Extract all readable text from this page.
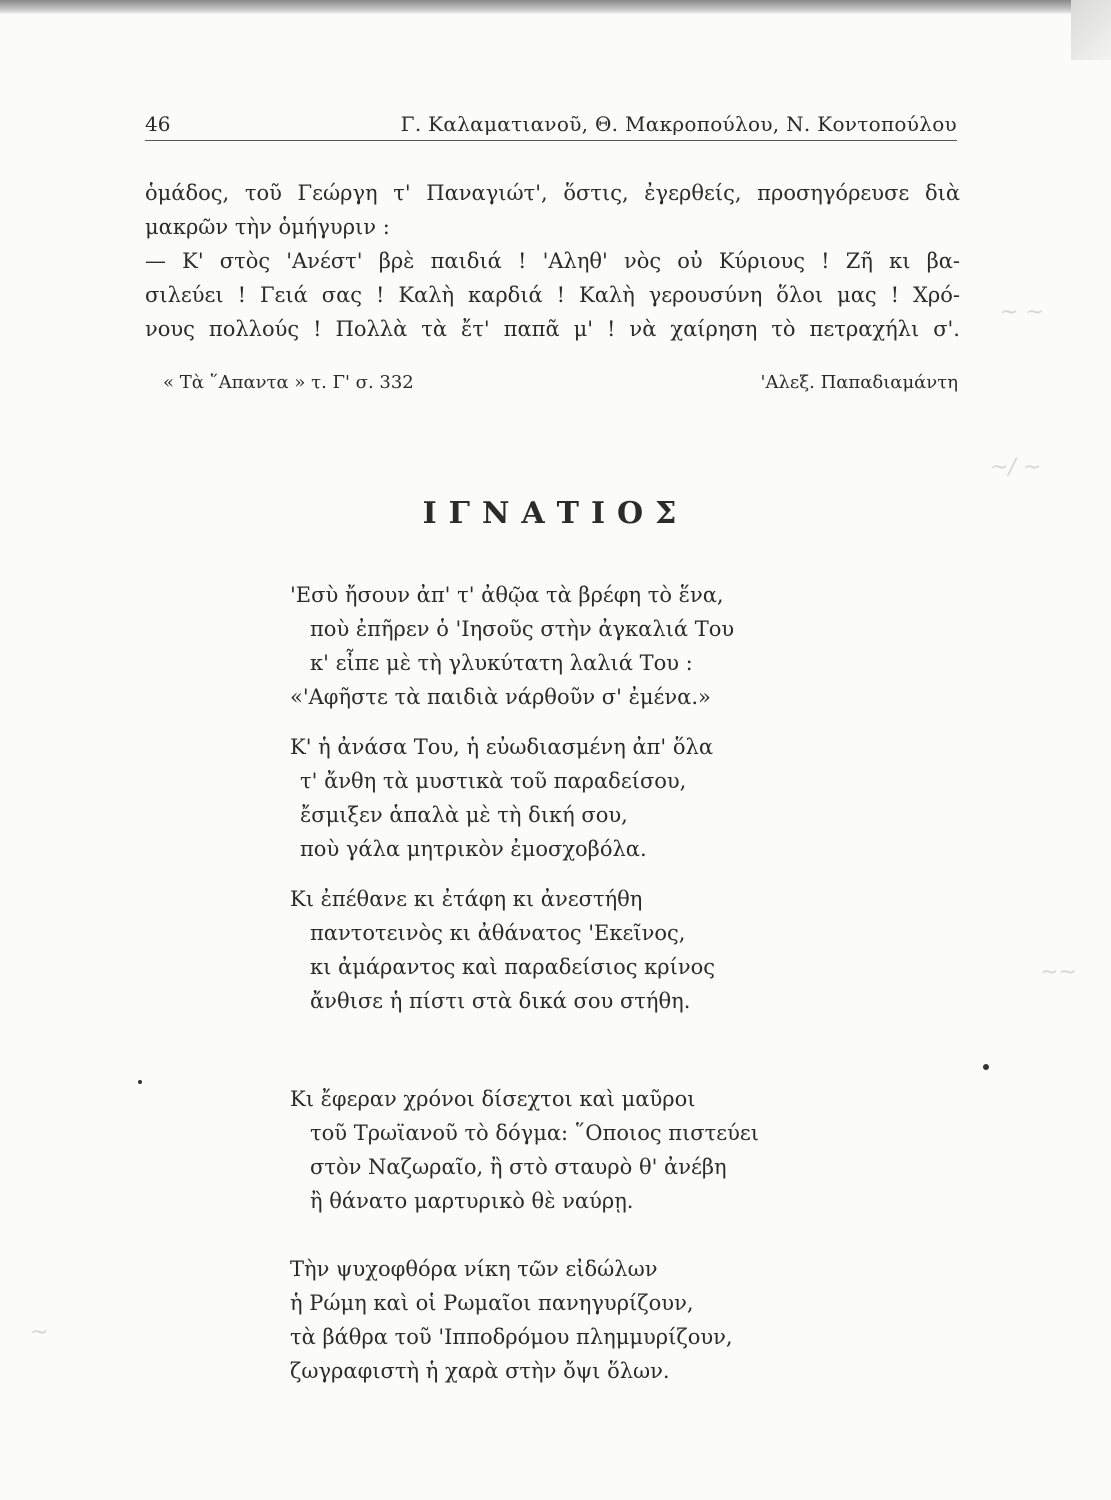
~ ~
~/ ~
~~
~
46	Γ. Καλαματιανοῦ, Θ. Μακροπούλου, Ν. Κοντοπούλου
ὁμάδος, τοῦ Γεώργη τ' Παναγιώτ', ὅστις, ἐγερθείς, προσηγόρευσε διὰ
μακρῶν τὴν ὁμήγυριν :
— Κ' στὸς 'Ανέστ' βρὲ παιδιά ! 'Αληθ' νὸς οὐ Κύριους ! Ζῆ κι βα-
σιλεύει ! Γειά σας ! Καλὴ καρδιά ! Καλὴ γερουσύνη ὅλοι μας ! Χρό-
νους πολλούς ! Πολλὰ τὰ ἔτ' παπᾶ μ' ! νὰ χαίρηση τὸ πετραχήλι σ'.
« Τὰ ῞Απαντα » τ. Γ' σ. 332	'Αλεξ. Παπαδιαμάντη
ΙΓΝΑΤΙΟΣ
'Εσὺ ἤσουν ἀπ' τ' ἀθῷα τὰ βρέφη τὸ ἕνα,
ποὺ ἐπῆρεν ὁ 'Ιησοῦς στὴν ἀγκαλιά Του
κ' εἶπε μὲ τὴ γλυκύτατη λαλιά Του :
«'Αφῆστε τὰ παιδιὰ νάρθοῦν σ' ἐμένα.»
Κ' ἡ ἀνάσα Του, ἡ εὐωδιασμένη ἀπ' ὅλα
τ' ἄνθη τὰ μυστικὰ τοῦ παραδείσου,
ἔσμιξεν ἁπαλὰ μὲ τὴ δική σου,
ποὺ γάλα μητρικὸν ἐμοσχοβόλα.
Κι ἐπέθανε κι ἐτάφη κι ἀνεστήθη
παντοτεινὸς κι ἀθάνατος 'Εκεῖνος,
κι ἀμάραντος καὶ παραδείσιος κρίνος
ἄνθισε ἡ πίστι στὰ δικά σου στήθη.
Κι ἔφεραν χρόνοι δίσεχτοι καὶ μαῦροι
τοῦ Τρωϊανοῦ τὸ δόγμα: ῞Οποιος πιστεύει
στὸν Ναζωραῖο, ἢ στὸ σταυρὸ θ' ἀνέβη
ἢ θάνατο μαρτυρικὸ θὲ ναύρῃ.
Τὴν ψυχοφθόρα νίκη τῶν εἰδώλων
ἡ Ρώμη καὶ οἱ Ρωμαῖοι πανηγυρίζουν,
τὰ βάθρα τοῦ 'Ιπποδρόμου πλημμυρίζουν,
ζωγραφιστὴ ἡ χαρὰ στὴν ὄψι ὅλων.
